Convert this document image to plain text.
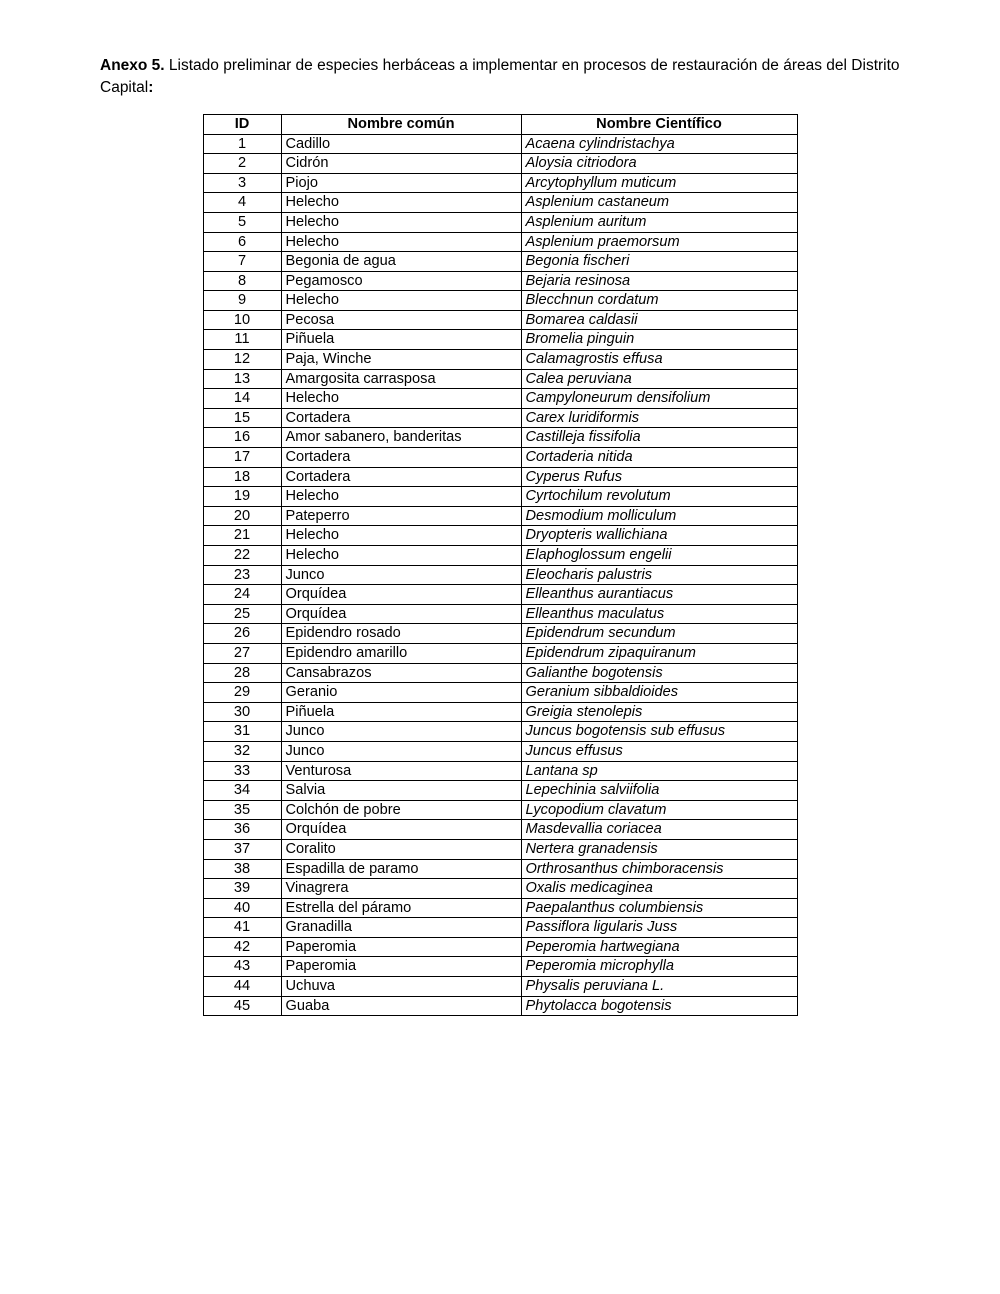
Anexo 5. Listado preliminar de especies herbáceas a implementar en procesos de restauración de áreas del Distrito Capital:

ID	Nombre común	Nombre Científico
1	Cadillo	Acaena cylindristachya
2	Cidrón	Aloysia citriodora
3	Piojo	Arcytophyllum muticum
4	Helecho	Asplenium castaneum
5	Helecho	Asplenium auritum
6	Helecho	Asplenium praemorsum
7	Begonia de agua	Begonia fischeri
8	Pegamosco	Bejaria resinosa
9	Helecho	Blecchnun cordatum
10	Pecosa	Bomarea caldasii
11	Piñuela	Bromelia pinguin
12	Paja, Winche	Calamagrostis effusa
13	Amargosita carrasposa	Calea peruviana
14	Helecho	Campyloneurum densifolium
15	Cortadera	Carex luridiformis
16	Amor sabanero, banderitas	Castilleja fissifolia
17	Cortadera	Cortaderia nitida
18	Cortadera	Cyperus Rufus
19	Helecho	Cyrtochilum revolutum
20	Pateperro	Desmodium molliculum
21	Helecho	Dryopteris wallichiana
22	Helecho	Elaphoglossum engelii
23	Junco	Eleocharis palustris
24	Orquídea	Elleanthus aurantiacus
25	Orquídea	Elleanthus maculatus
26	Epidendro rosado	Epidendrum secundum
27	Epidendro amarillo	Epidendrum zipaquiranum
28	Cansabrazos	Galianthe bogotensis
29	Geranio	Geranium sibbaldioides
30	Piñuela	Greigia stenolepis
31	Junco	Juncus bogotensis sub effusus
32	Junco	Juncus effusus
33	Venturosa	Lantana sp
34	Salvia	Lepechinia salviifolia
35	Colchón de pobre	Lycopodium clavatum
36	Orquídea	Masdevallia coriacea
37	Coralito	Nertera granadensis
38	Espadilla de paramo	Orthrosanthus chimboracensis
39	Vinagrera	Oxalis medicaginea
40	Estrella del páramo	Paepalanthus columbiensis
41	Granadilla	Passiflora ligularis Juss
42	Paperomia	Peperomia hartwegiana
43	Paperomia	Peperomia microphylla
44	Uchuva	Physalis peruviana L.
45	Guaba	Phytolacca bogotensis
